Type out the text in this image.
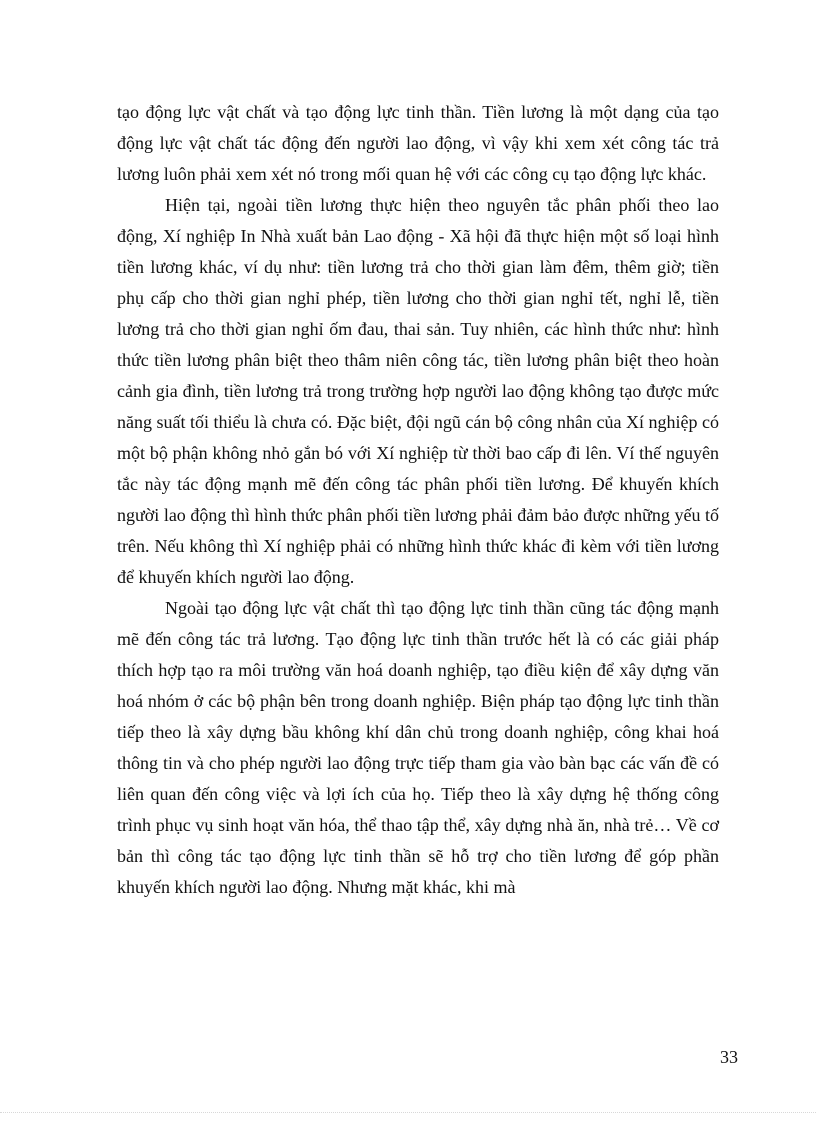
tạo động lực vật chất và tạo động lực tinh thần. Tiền lương là một dạng của tạo động lực vật chất tác động đến người lao động, vì vậy khi xem xét công tác trả lương luôn phải xem xét nó trong mối quan hệ với các công cụ tạo động lực khác.

Hiện tại, ngoài tiền lương thực hiện theo nguyên tắc phân phối theo lao động, Xí nghiệp In Nhà xuất bản Lao động - Xã hội đã thực hiện một số loại hình tiền lương khác, ví dụ như: tiền lương trả cho thời gian làm đêm, thêm giờ; tiền phụ cấp cho thời gian nghỉ phép, tiền lương cho thời gian nghỉ tết, nghỉ lễ, tiền lương trả cho thời gian nghỉ ốm đau, thai sản. Tuy nhiên, các hình thức như: hình thức tiền lương phân biệt theo thâm niên công tác, tiền lương phân biệt theo hoàn cảnh gia đình, tiền lương trả trong trường hợp người lao động không tạo được mức năng suất tối thiểu là chưa có. Đặc biệt, đội ngũ cán bộ công nhân của Xí nghiệp có một bộ phận không nhỏ gắn bó với Xí nghiệp từ thời bao cấp đi lên. Ví thế nguyên tắc này tác động mạnh mẽ đến công tác phân phối tiền lương. Để khuyến khích người lao động thì hình thức phân phối tiền lương phải đảm bảo được những yếu tố trên. Nếu không thì Xí nghiệp phải có những hình thức khác đi kèm với tiền lương để khuyến khích người lao động.

Ngoài tạo động lực vật chất thì tạo động lực tinh thần cũng tác động mạnh mẽ đến công tác trả lương. Tạo động lực tinh thần trước hết là có các giải pháp thích hợp tạo ra môi trường văn hoá doanh nghiệp, tạo điều kiện để xây dựng văn hoá nhóm ở các bộ phận bên trong doanh nghiệp. Biện pháp tạo động lực tinh thần tiếp theo là xây dựng bầu không khí dân chủ trong doanh nghiệp, công khai hoá thông tin và cho phép người lao động trực tiếp tham gia vào bàn bạc các vấn đề có liên quan đến công việc và lợi ích của họ. Tiếp theo là xây dựng hệ thống công trình phục vụ sinh hoạt văn hóa, thể thao tập thể, xây dựng nhà ăn, nhà trẻ… Về cơ bản thì công tác tạo động lực tinh thần sẽ hỗ trợ cho tiền lương để góp phần khuyến khích người lao động. Nhưng mặt khác, khi mà

33
